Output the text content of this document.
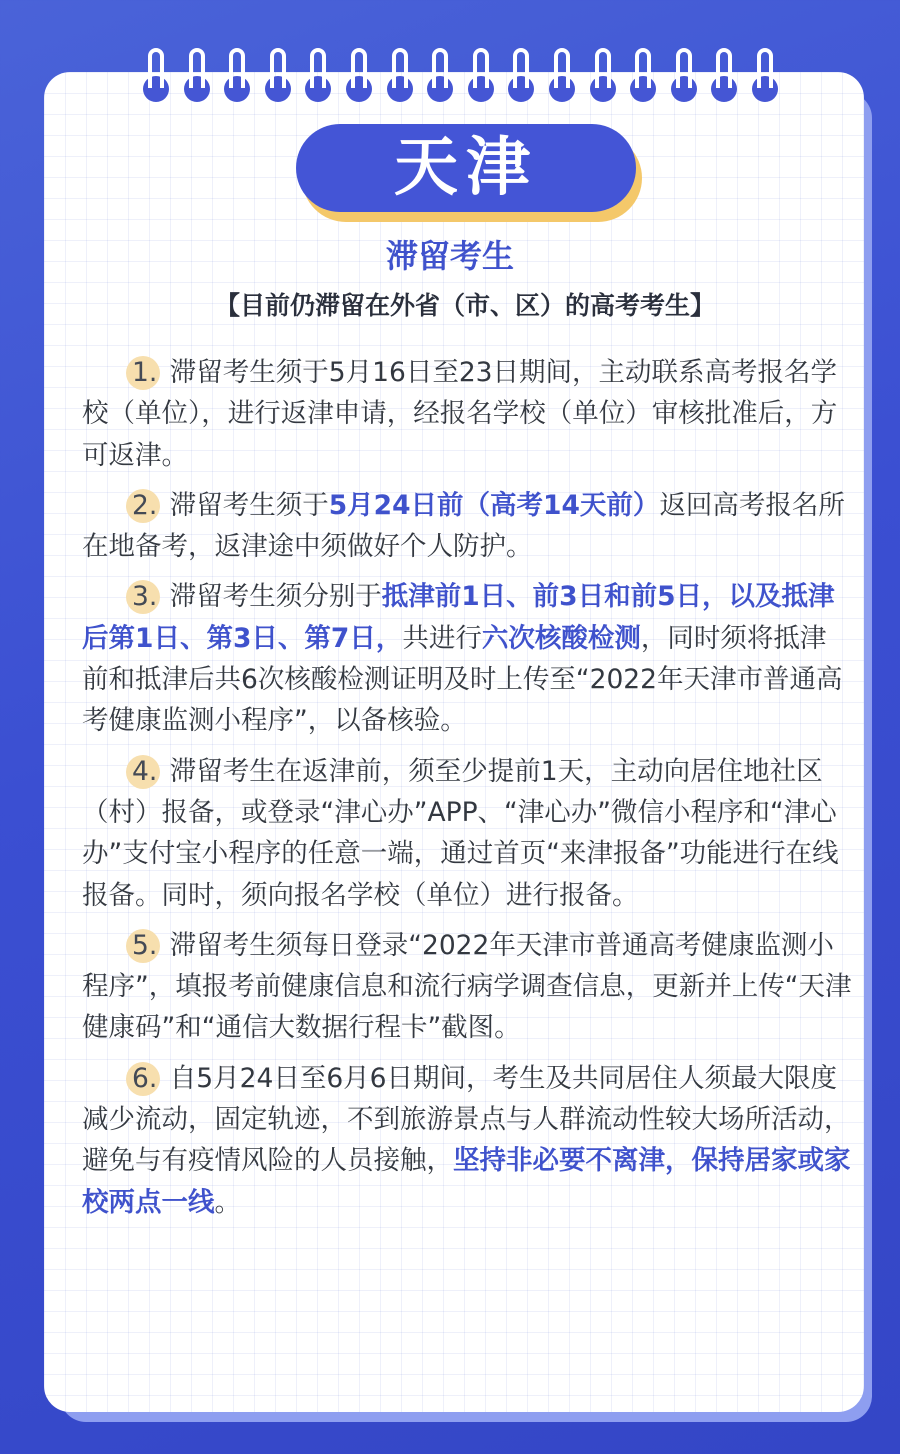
天津
滞留考生
【目前仍滞留在外省（市、区）的高考考生】
1. 滞留考生须于5月16日至23日期间，主动联系高考报名学校（单位），进行返津申请，经报名学校（单位）审核批准后，方可返津。
2. 滞留考生须于5月24日前（高考14天前）返回高考报名所在地备考，返津途中须做好个人防护。
3. 滞留考生须分别于抵津前1日、前3日和前5日，以及抵津后第1日、第3日、第7日，共进行六次核酸检测，同时须将抵津前和抵津后共6次核酸检测证明及时上传至“2022年天津市普通高考健康监测小程序”，以备核验。
4. 滞留考生在返津前，须至少提前1天，主动向居住地社区（村）报备，或登录“津心办”APP、“津心办”微信小程序和“津心办”支付宝小程序的任意一端，通过首页“来津报备”功能进行在线报备。同时，须向报名学校（单位）进行报备。
5. 滞留考生须每日登录“2022年天津市普通高考健康监测小程序”，填报考前健康信息和流行病学调查信息，更新并上传“天津健康码”和“通信大数据行程卡”截图。
6. 自5月24日至6月6日期间，考生及共同居住人须最大限度减少流动，固定轨迹，不到旅游景点与人群流动性较大场所活动，避免与有疫情风险的人员接触，坚持非必要不离津，保持居家或家校两点一线。
